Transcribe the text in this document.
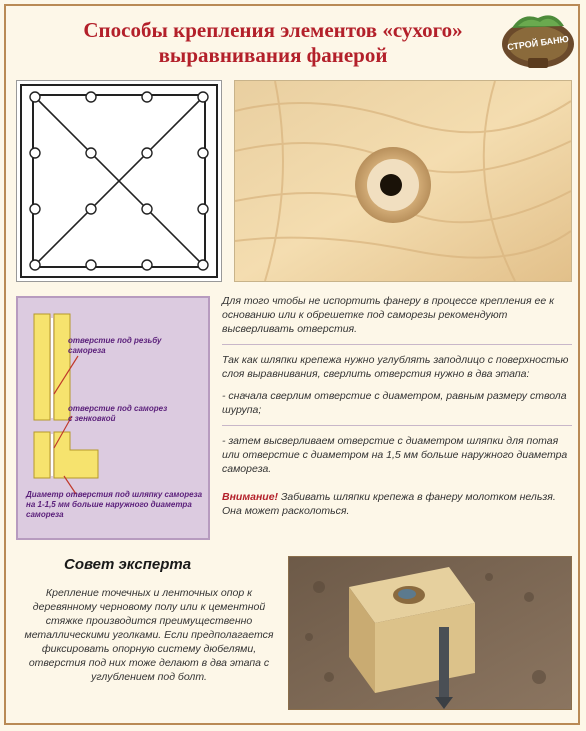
Способы крепления элементов «сухого»
выравнивания фанерой	СТРОЙ БАНЮ
отверстие под резьбу самореза
отверстие под саморез с зенковкой
Диаметр отверстия под шляпку самореза на 1-1,5 мм больше наружного диаметра самореза

Для того чтобы не испортить фанеру в процессе крепления ее к основанию или к обрешетке под саморезы рекомендуют высверливать отверстия.

Так как шляпки крепежа нужно углублять заподлицо с поверхностью слоя выравнивания, сверлить отверстия нужно в два этапа:

- сначала сверлим отверстие с диаметром, равным размеру ствола шурупа;

- затем высверливаем отверстие с диаметром шляпки для потая или отверстие с диаметром на 1,5 мм больше наружного диаметра самореза.

Внимание! Забивать шляпки крепежа в фанеру молотком нельзя. Она может расколоться.

Совет эксперта
Крепление точечных и ленточных опор к деревянному черновому полу или к цементной стяжке производится преимущественно металлическими уголками. Если предполагается фиксировать опорную систему дюбелями, отверстия под них тоже делают в два этапа с углублением под болт.
